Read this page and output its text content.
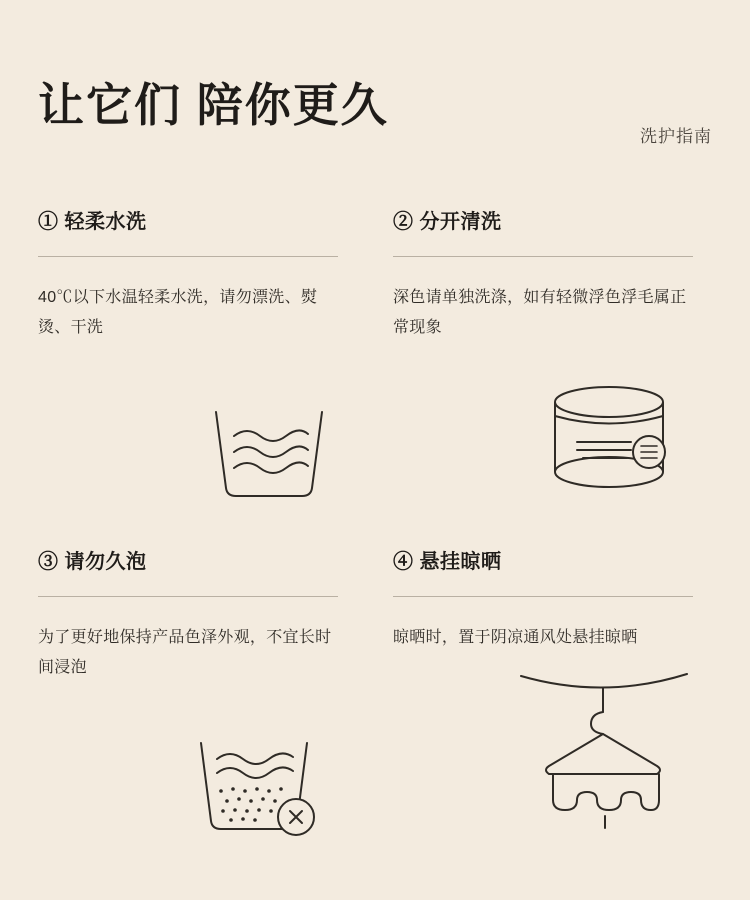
让它们 陪你更久
洗护指南
① 轻柔水洗
40℃以下水温轻柔水洗，请勿漂洗、熨烫、干洗
② 分开清洗
深色请单独洗涤，如有轻微浮色浮毛属正常现象
③ 请勿久泡
为了更好地保持产品色泽外观，不宜长时间浸泡
④ 悬挂晾晒
晾晒时，置于阴凉通风处悬挂晾晒
